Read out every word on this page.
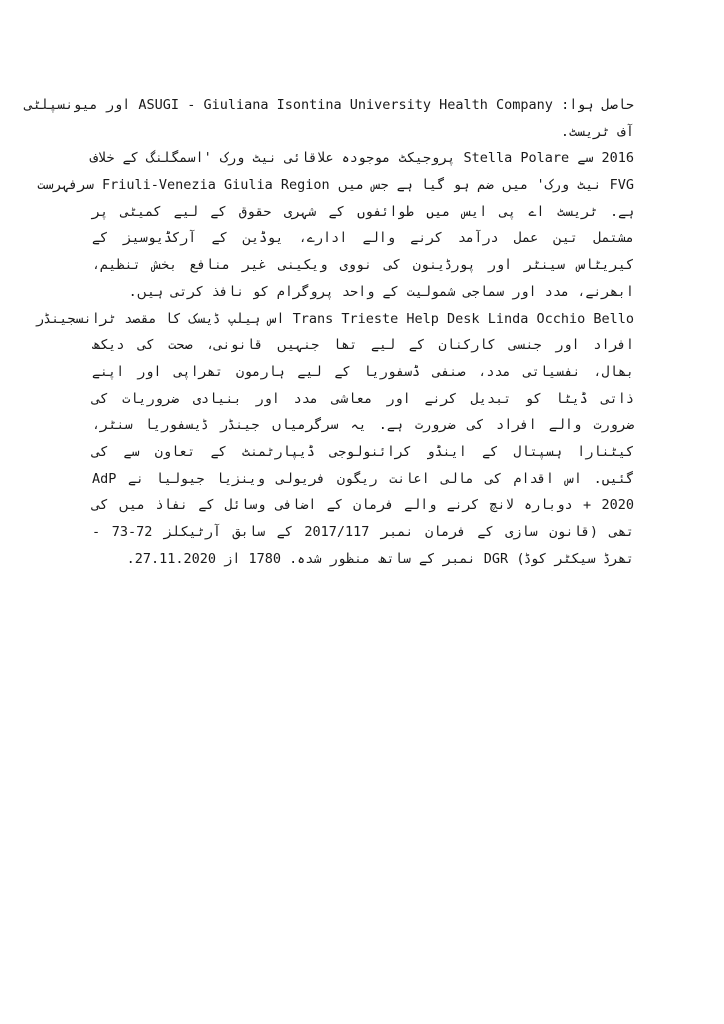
حاصل ہوا: ASUGI - Giuliana Isontina University Health Company اور میونسپلٹی
آف ٹریسٹ.
2016 سے Stella Polare پروجیکٹ موجودہ علاقائی نیٹ ورک 'اسمگلنگ کے خلاف
FVG نیٹ ورک' میں ضم ہو گیا ہے جس میں Friuli-Venezia Giulia Region سرفہرست
ہے. ٹریسٹ اے پی ایس میں طوائفوں کے شہری حقوق کے لیے کمیٹی پر
مشتمل تین عمل درآمد کرنے والے ادارے، یوڈین کے آرکڈیوسیز کے
کیریٹاس سینٹر اور پورڈینون کی نووی ویکینی غیر منافع بخش تنظیم،
ابھرنے، مدد اور سماجی شمولیت کے واحد پروگرام کو نافذ کرتی ہیں.
Trans Trieste Help Desk Linda Occhio Bello اس ہیلپ ڈیسک کا مقصد ٹرانسجینڈر
افراد اور جنسی کارکنان کے لیے تھا جنہیں قانونی، صحت کی دیکھ
بھال، نفسیاتی مدد، صنفی ڈسفوریا کے لیے ہارمون تھراپی اور اپنے
ذاتی ڈیٹا کو تبدیل کرنے اور معاشی مدد اور بنیادی ضروریات کی
ضرورت والے افراد کی ضرورت ہے. یہ سرگرمیاں جینڈر ڈیسفوریا سنٹر،
کیٹنارا ہسپتال کے اینڈو کرائنولوجی ڈیپارٹمنٹ کے تعاون سے کی
گئیں. اس اقدام کی مالی اعانت ریگون فریولی وینزیا جیولیا نے AdP
2020 + دوبارہ لانچ کرنے والے فرمان کے اضافی وسائل کے نفاذ میں کی
تھی (قانون سازی کے فرمان نمبر 2017/117 کے سابق آرٹیکلز 72-73 -
تھرڈ سیکٹر کوڈ) DGR نمبر کے ساتھ منظور شدہ. 1780 از 27.11.2020.
